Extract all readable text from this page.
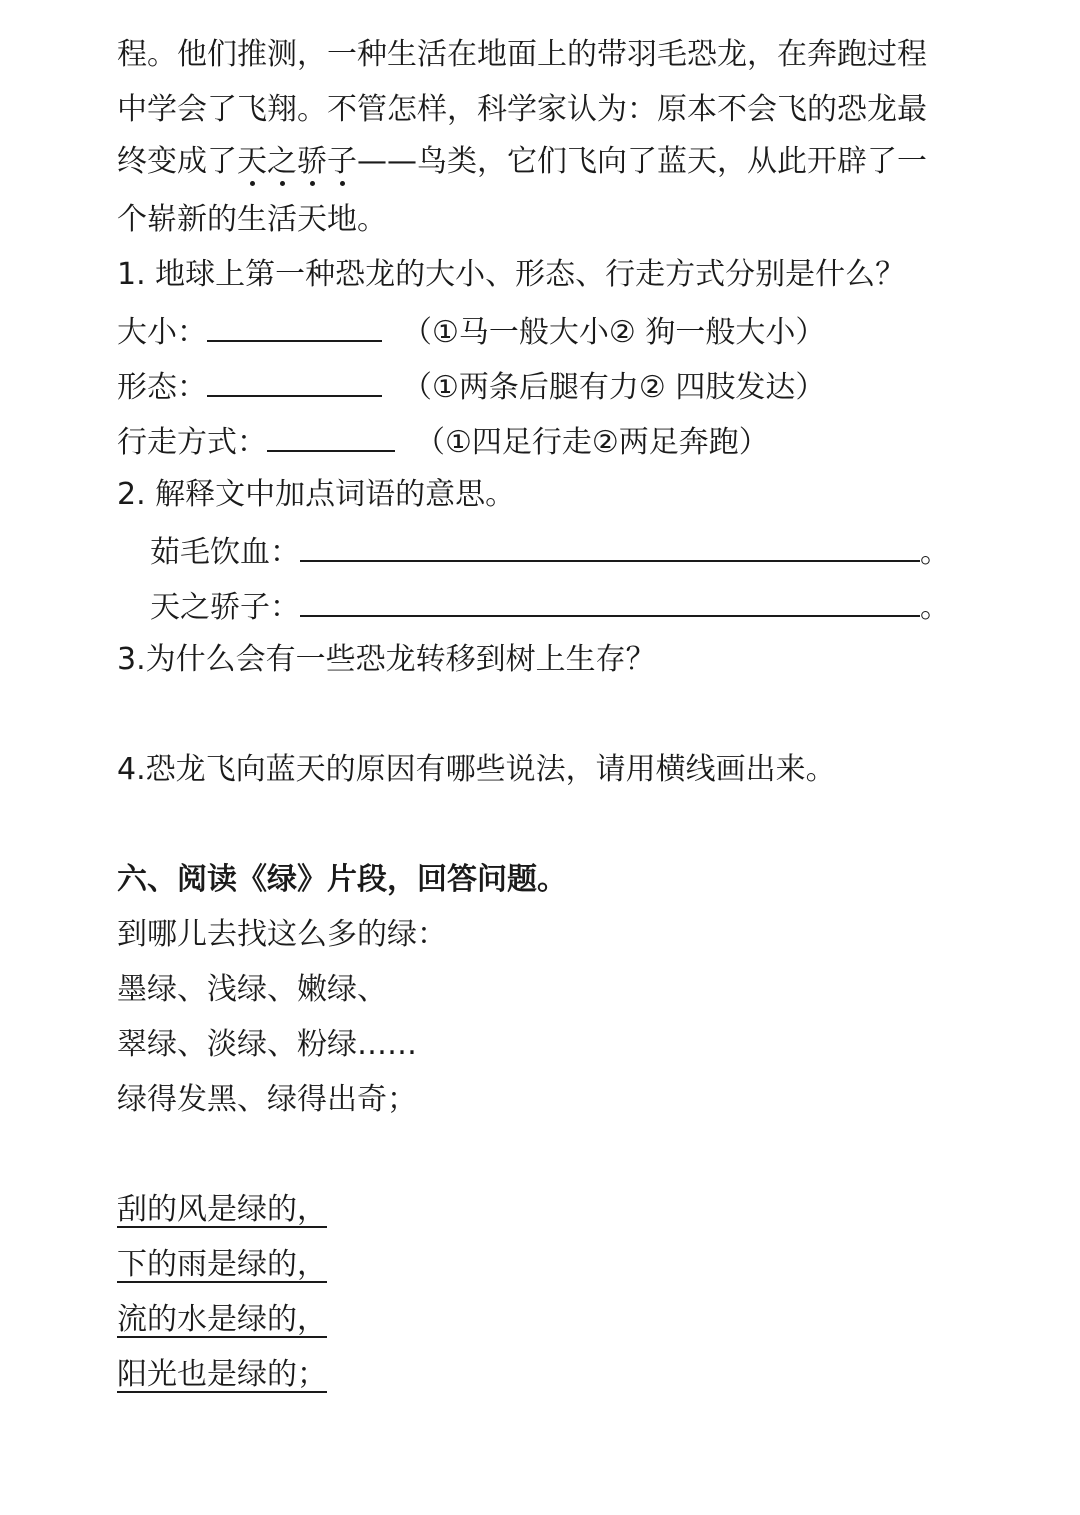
程。他们推测，一种生活在地面上的带羽毛恐龙，在奔跑过程
中学会了飞翔。不管怎样，科学家认为：原本不会飞的恐龙最
终变成了天之骄子——鸟类，它们飞向了蓝天，从此开辟了一
个崭新的生活天地。
1. 地球上第一种恐龙的大小、形态、行走方式分别是什么？
大小：	（①马一般大小② 狗一般大小）
形态：	（①两条后腿有力② 四肢发达）
行走方式：	（①四足行走②两足奔跑）
2. 解释文中加点词语的意思。
茹毛饮血：	。
天之骄子：	。
3.为什么会有一些恐龙转移到树上生存？
4.恐龙飞向蓝天的原因有哪些说法，请用横线画出来。
六、阅读《绿》片段，回答问题。
到哪儿去找这么多的绿：
墨绿、浅绿、嫩绿、
翠绿、淡绿、粉绿……
绿得发黑、绿得出奇；
刮的风是绿的，
下的雨是绿的，
流的水是绿的，
阳光也是绿的；
